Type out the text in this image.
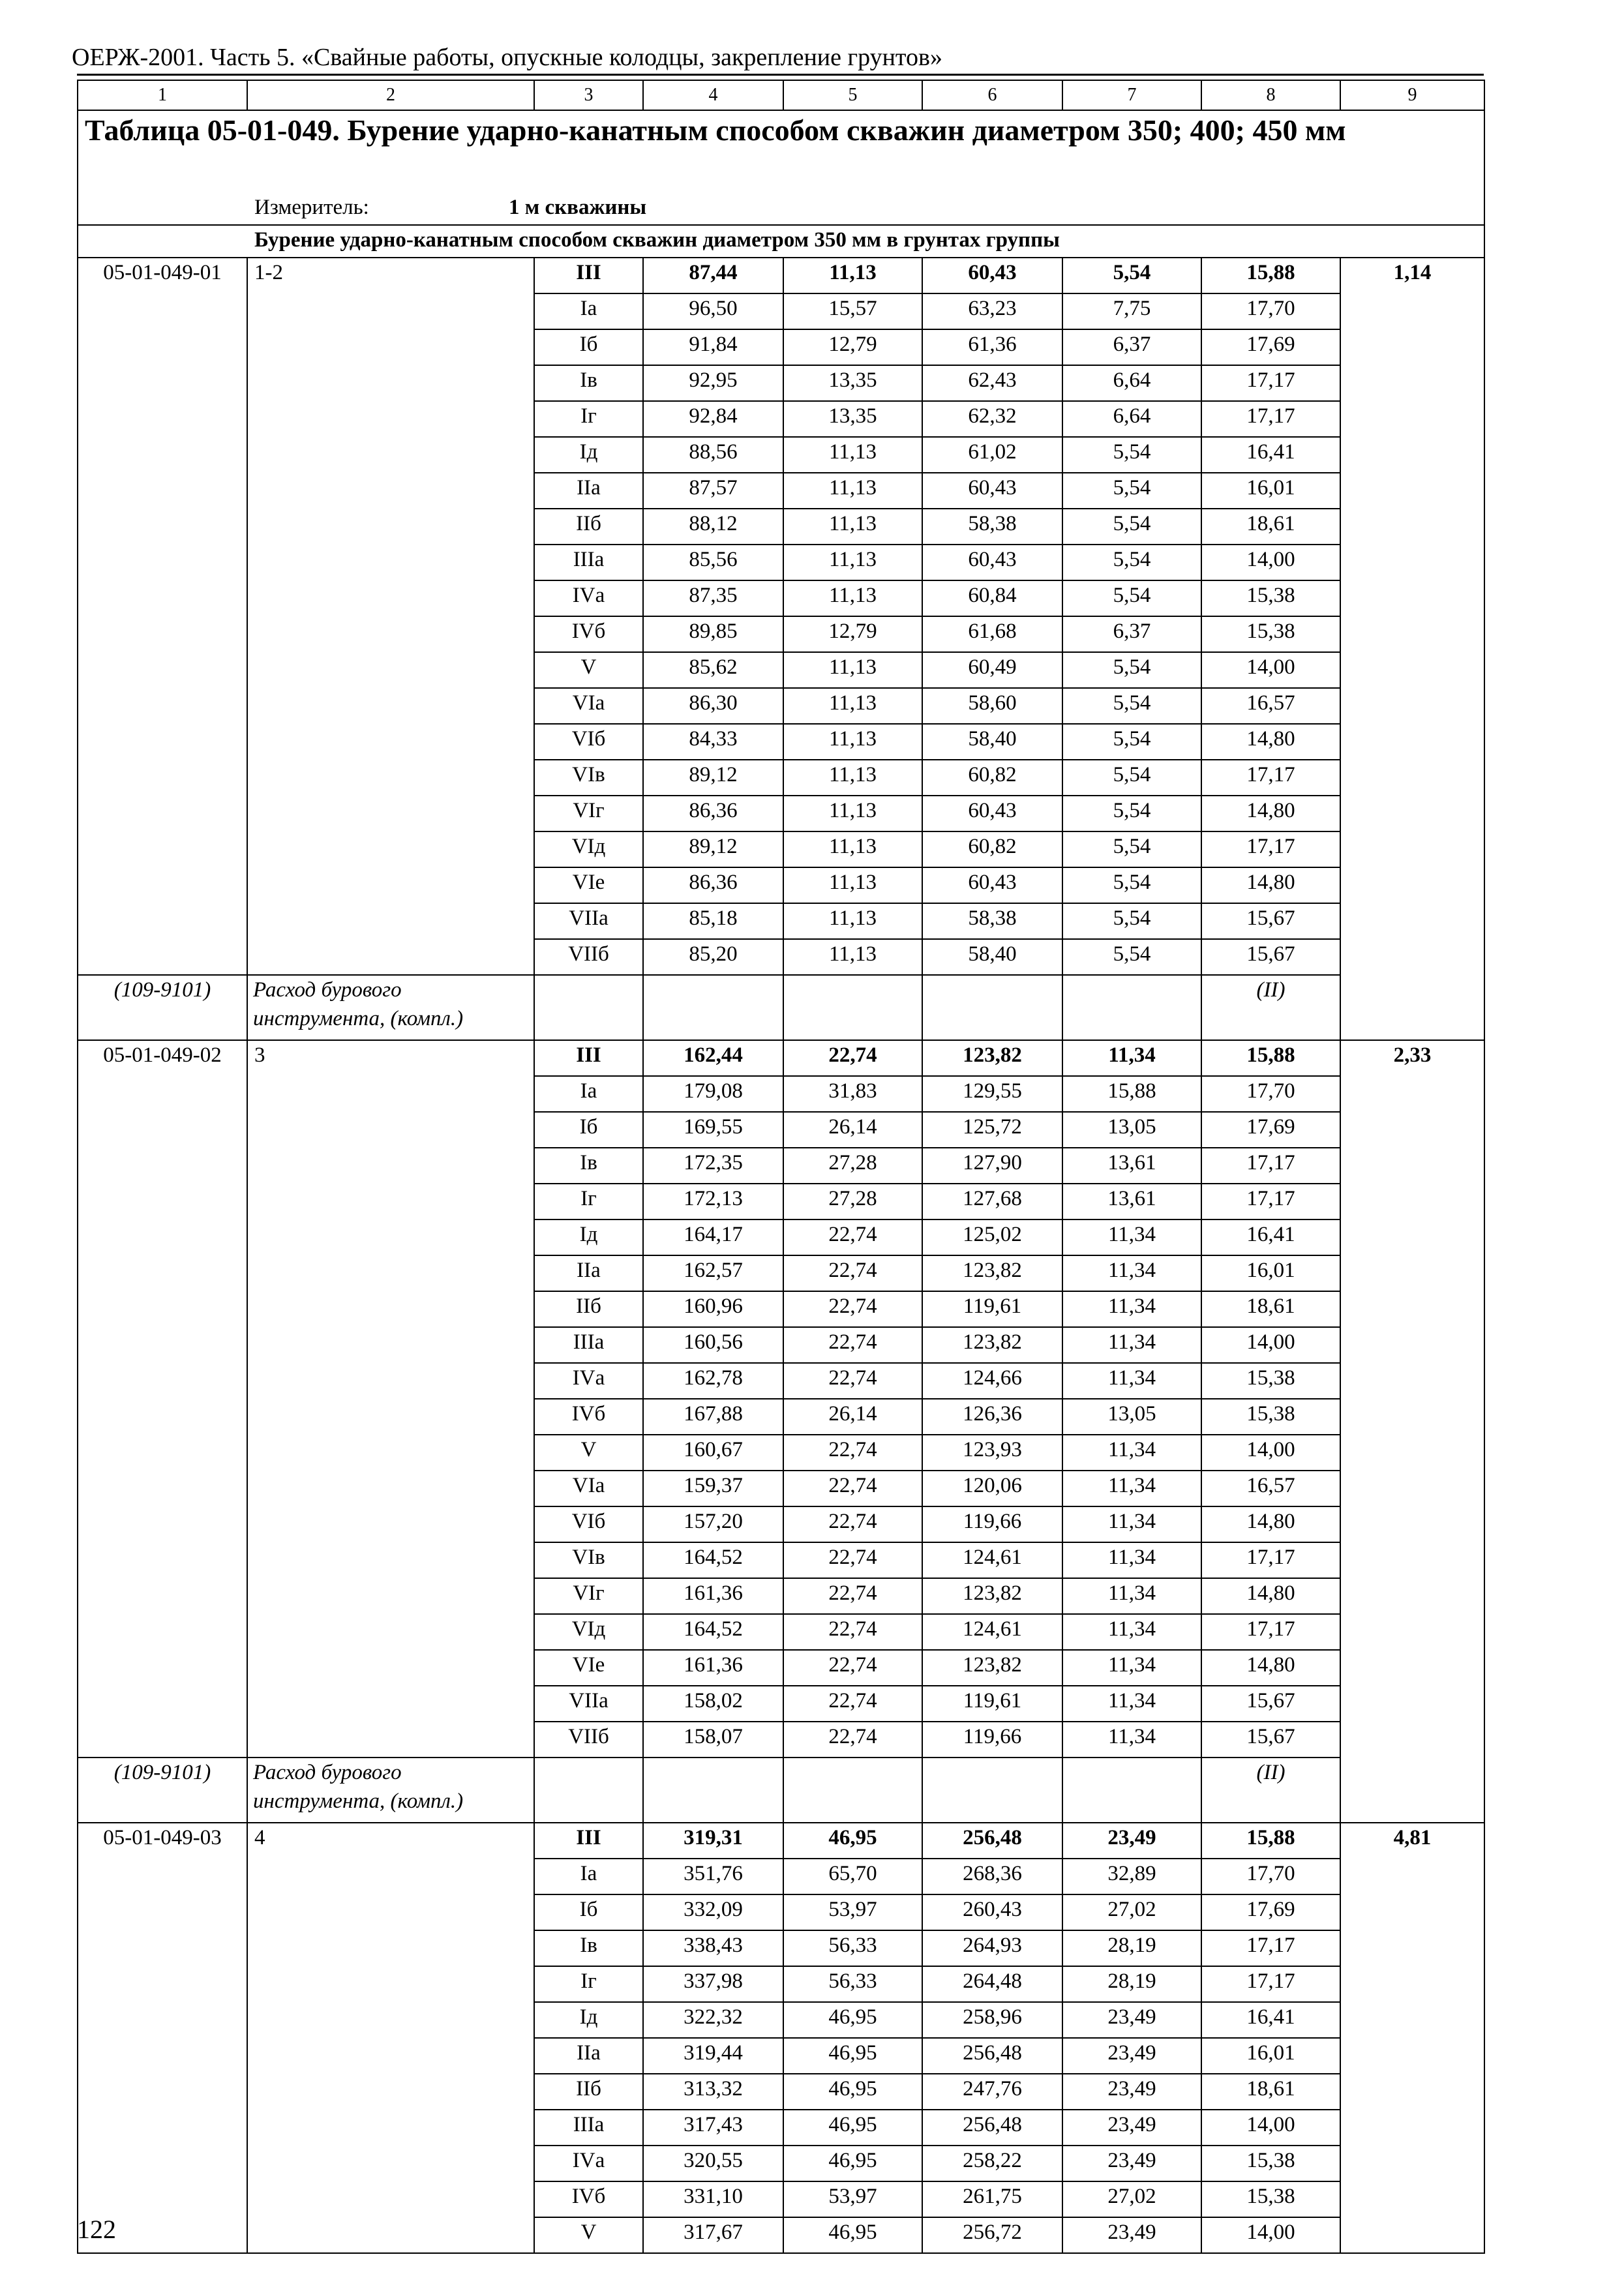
ОЕРЖ-2001. Часть 5. «Свайные работы, опускные колодцы, закрепление грунтов»
1	2	3	4	5	6	7	8	9
Таблица 05-01-049. Бурение ударно-канатным способом скважин диаметром 350; 400; 450 мм								
Измеритель: 1 м скважины								
Бурение ударно-канатным способом скважин диаметром 350 мм в грунтах группы								
05-01-049-01	1-2	III	87,44	11,13	60,43	5,54	15,88	1,14
		Iа	96,50	15,57	63,23	7,75	17,70	
		Iб	91,84	12,79	61,36	6,37	17,69	
		Iв	92,95	13,35	62,43	6,64	17,17	
		Iг	92,84	13,35	62,32	6,64	17,17	
		Iд	88,56	11,13	61,02	5,54	16,41	
		IIа	87,57	11,13	60,43	5,54	16,01	
		IIб	88,12	11,13	58,38	5,54	18,61	
		IIIа	85,56	11,13	60,43	5,54	14,00	
		IVа	87,35	11,13	60,84	5,54	15,38	
		IVб	89,85	12,79	61,68	6,37	15,38	
		V	85,62	11,13	60,49	5,54	14,00	
		VIа	86,30	11,13	58,60	5,54	16,57	
		VIб	84,33	11,13	58,40	5,54	14,80	
		VIв	89,12	11,13	60,82	5,54	17,17	
		VIг	86,36	11,13	60,43	5,54	14,80	
		VIд	89,12	11,13	60,82	5,54	17,17	
		VIе	86,36	11,13	60,43	5,54	14,80	
		VIIа	85,18	11,13	58,38	5,54	15,67	
		VIIб	85,20	11,13	58,40	5,54	15,67	
(109-9101)	Расход бурового инструмента, (компл.)						(II)	
05-01-049-02	3	III	162,44	22,74	123,82	11,34	15,88	2,33
		Iа	179,08	31,83	129,55	15,88	17,70	
		Iб	169,55	26,14	125,72	13,05	17,69	
		Iв	172,35	27,28	127,90	13,61	17,17	
		Iг	172,13	27,28	127,68	13,61	17,17	
		Iд	164,17	22,74	125,02	11,34	16,41	
		IIа	162,57	22,74	123,82	11,34	16,01	
		IIб	160,96	22,74	119,61	11,34	18,61	
		IIIа	160,56	22,74	123,82	11,34	14,00	
		IVа	162,78	22,74	124,66	11,34	15,38	
		IVб	167,88	26,14	126,36	13,05	15,38	
		V	160,67	22,74	123,93	11,34	14,00	
		VIа	159,37	22,74	120,06	11,34	16,57	
		VIб	157,20	22,74	119,66	11,34	14,80	
		VIв	164,52	22,74	124,61	11,34	17,17	
		VIг	161,36	22,74	123,82	11,34	14,80	
		VIд	164,52	22,74	124,61	11,34	17,17	
		VIе	161,36	22,74	123,82	11,34	14,80	
		VIIа	158,02	22,74	119,61	11,34	15,67	
		VIIб	158,07	22,74	119,66	11,34	15,67	
(109-9101)	Расход бурового инструмента, (компл.)						(II)	
05-01-049-03	4	III	319,31	46,95	256,48	23,49	15,88	4,81
		Iа	351,76	65,70	268,36	32,89	17,70	
		Iб	332,09	53,97	260,43	27,02	17,69	
		Iв	338,43	56,33	264,93	28,19	17,17	
		Iг	337,98	56,33	264,48	28,19	17,17	
		Iд	322,32	46,95	258,96	23,49	16,41	
		IIа	319,44	46,95	256,48	23,49	16,01	
		IIб	313,32	46,95	247,76	23,49	18,61	
		IIIа	317,43	46,95	256,48	23,49	14,00	
		IVа	320,55	46,95	258,22	23,49	15,38	
		IVб	331,10	53,97	261,75	27,02	15,38	
		V	317,67	46,95	256,72	23,49	14,00	
122
